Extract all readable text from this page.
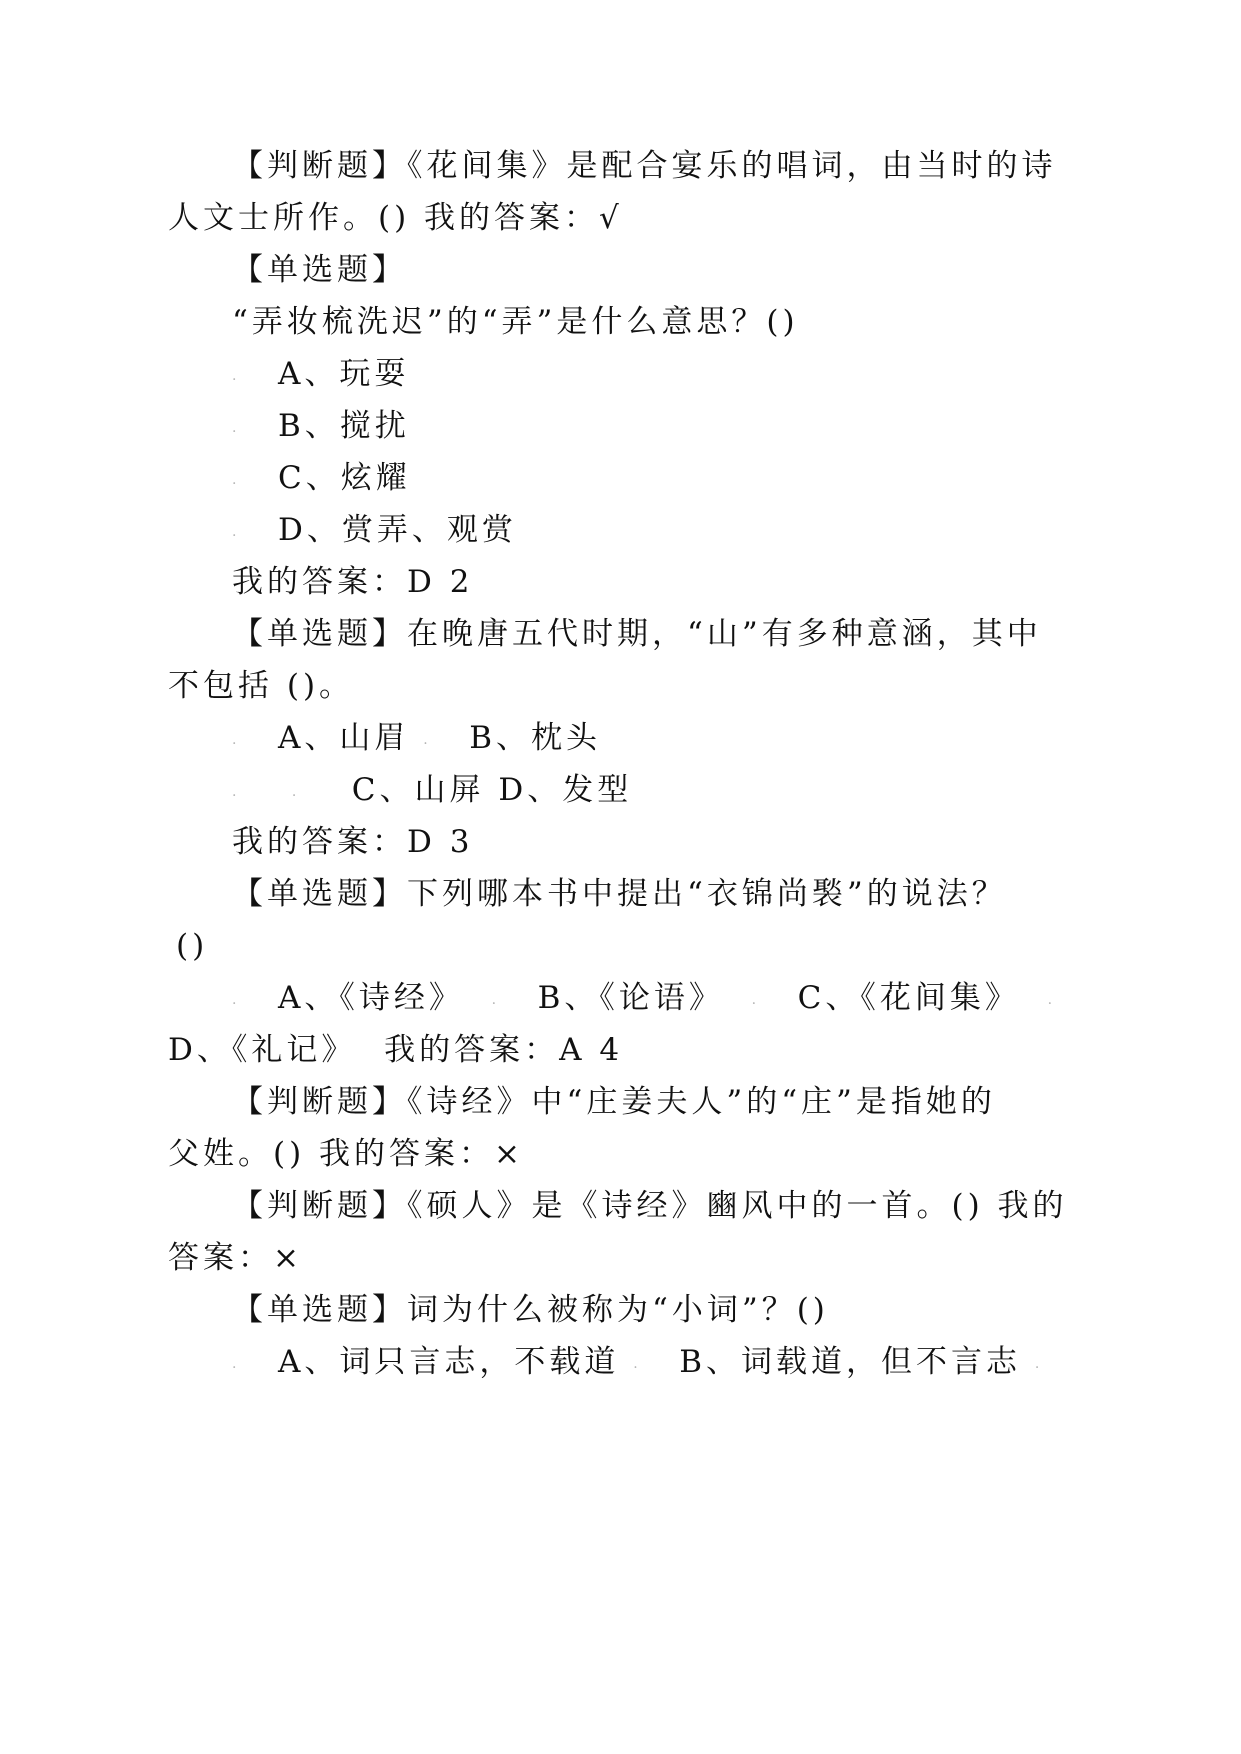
【判断题】《花间集》是配合宴乐的唱词，由当时的诗
人文士所作。() 我的答案：√
【单选题】
“弄妆梳洗迟”的“弄”是什么意思？()
· A、玩耍
· B、搅扰
· C、炫耀
· D、赏弄、观赏
我的答案：D 2
【单选题】在晚唐五代时期，“山”有多种意涵，其中
不包括 ()。
· A、山眉 · B、枕头
·	· C、山屏 D、发型
我的答案：D 3
【单选题】下列哪本书中提出“衣锦尚褧”的说法？
()
· A、《诗经》 · B、《论语》 · C、《花间集》 ·
D、《礼记》 我的答案：A 4
【判断题】《诗经》中“庄姜夫人”的“庄”是指她的
父姓。() 我的答案：×
【判断题】《硕人》是《诗经》豳风中的一首。() 我的
答案：×
【单选题】词为什么被称为“小词”？()
· A、词只言志，不载道 · B、词载道，但不言志 ·
